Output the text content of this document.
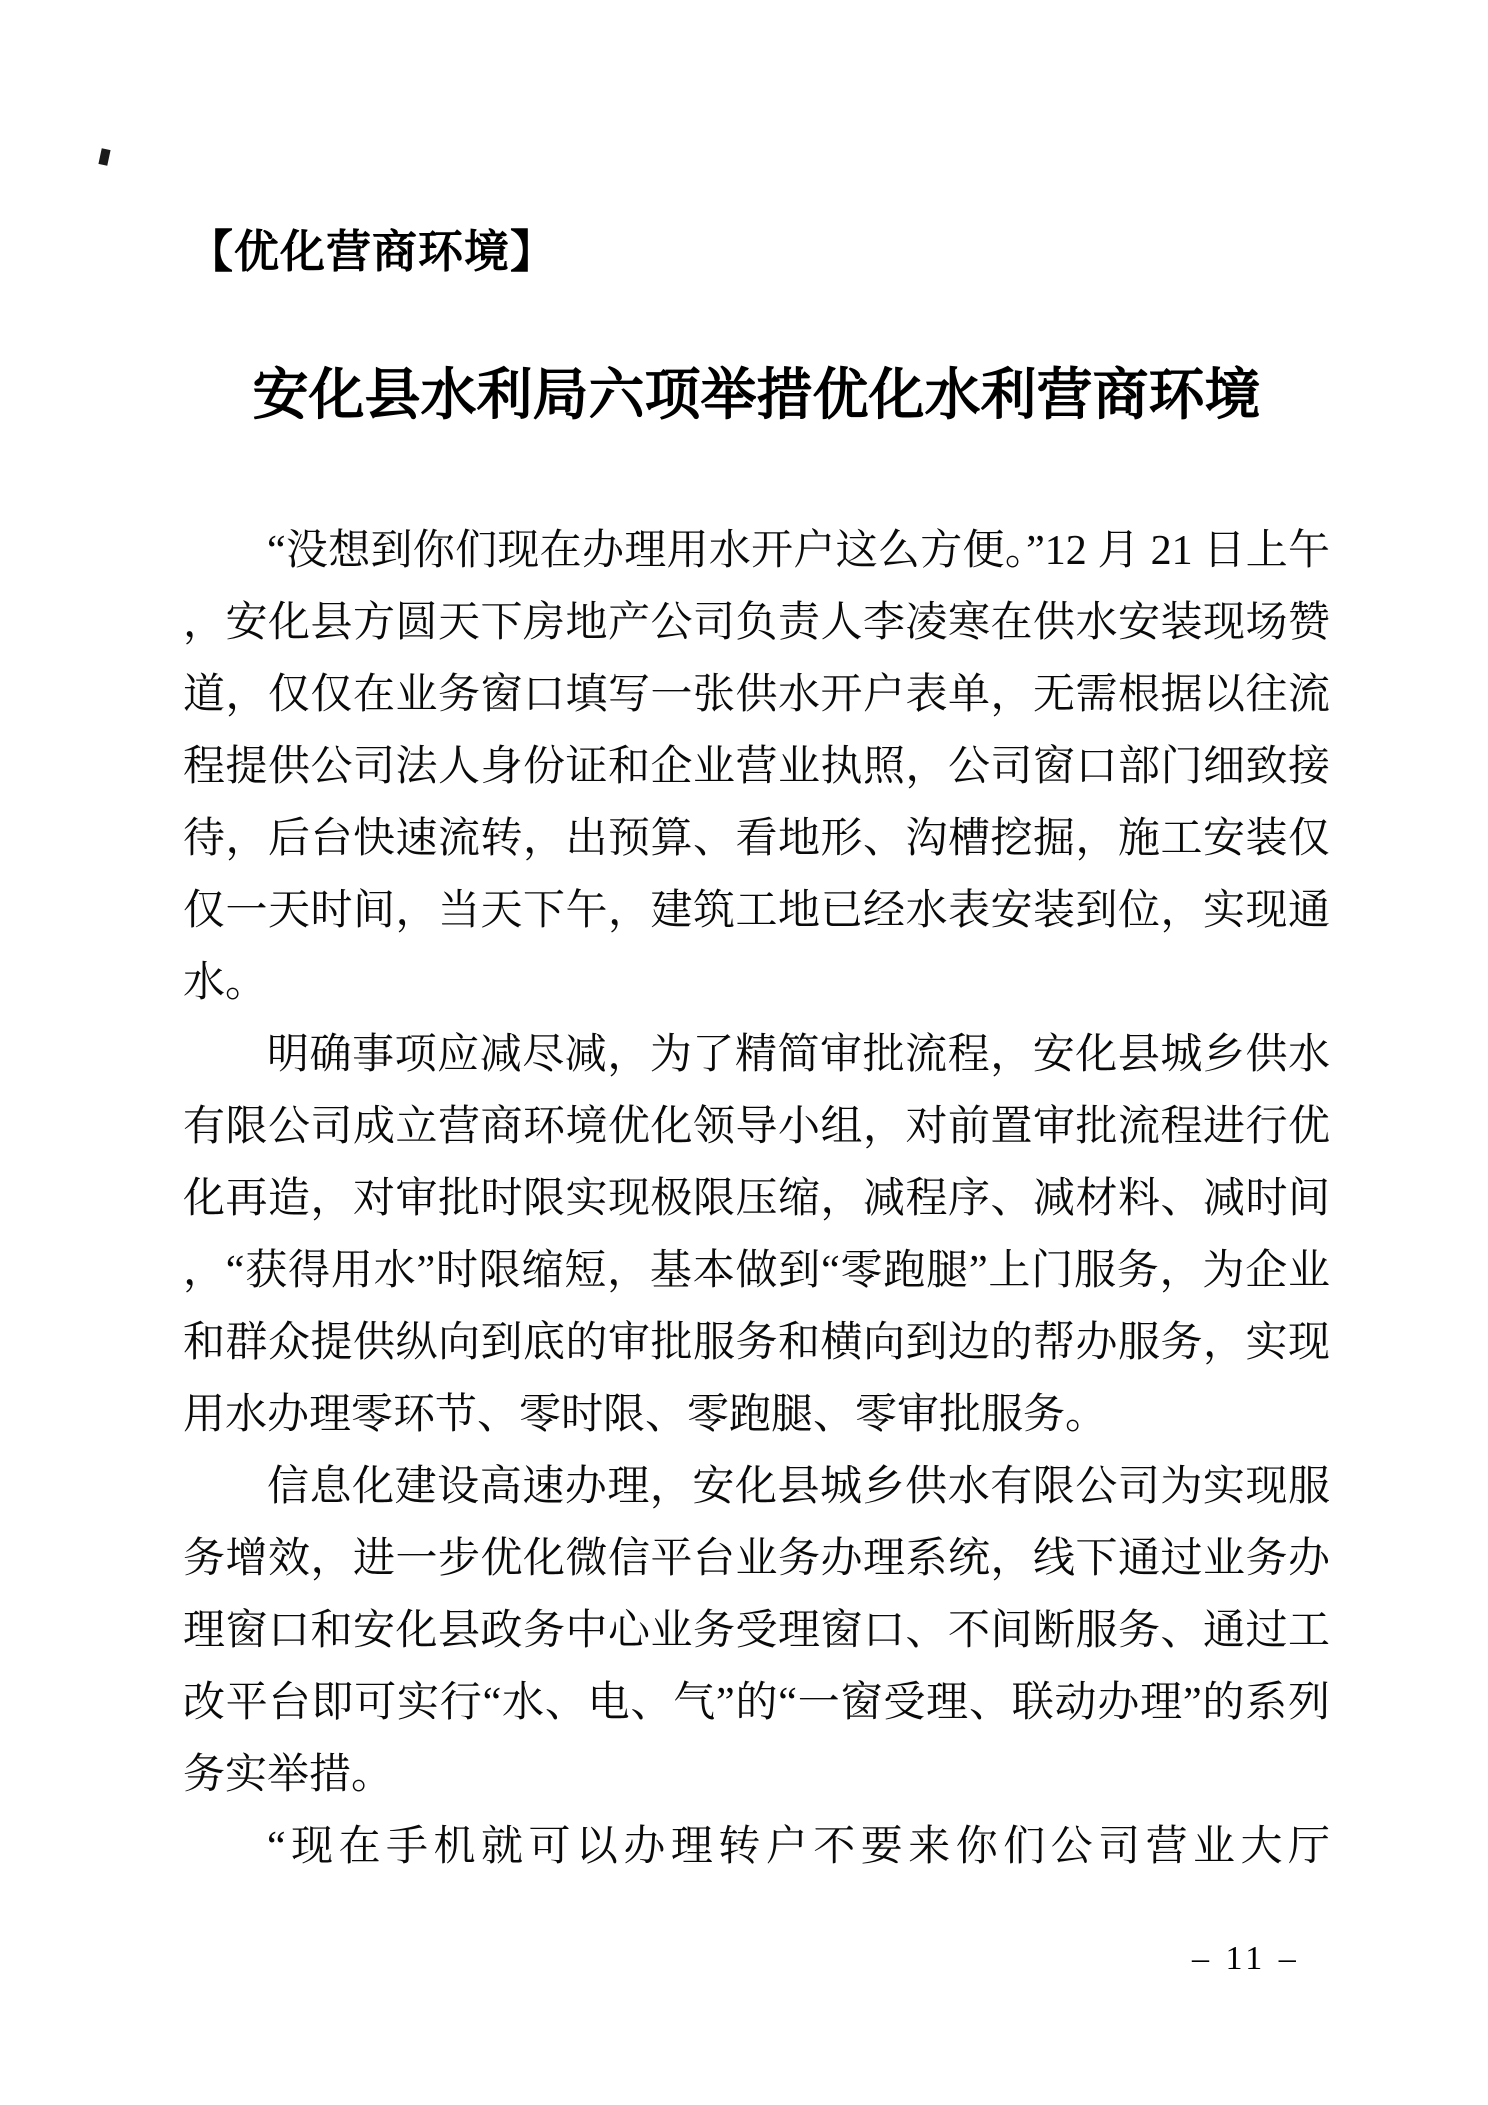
【优化营商环境】
安化县水利局六项举措优化水利营商环境

“没想到你们现在办理用水开户这么方便。”12 月 21 日上午，安化县方圆天下房地产公司负责人李凌寒在供水安装现场赞道，仅仅在业务窗口填写一张供水开户表单，无需根据以往流程提供公司法人身份证和企业营业执照，公司窗口部门细致接待，后台快速流转，出预算、看地形、沟槽挖掘，施工安装仅仅一天时间，当天下午，建筑工地已经水表安装到位，实现通水。

明确事项应减尽减，为了精简审批流程，安化县城乡供水有限公司成立营商环境优化领导小组，对前置审批流程进行优化再造，对审批时限实现极限压缩，减程序、减材料、减时间，“获得用水”时限缩短，基本做到“零跑腿”上门服务，为企业和群众提供纵向到底的审批服务和横向到边的帮办服务，实现用水办理零环节、零时限、零跑腿、零审批服务。

信息化建设高速办理，安化县城乡供水有限公司为实现服务增效，进一步优化微信平台业务办理系统，线下通过业务办理窗口和安化县政务中心业务受理窗口、不间断服务、通过工改平台即可实行“水、电、气”的“一窗受理、联动办理”的系列务实举措。

“现在手机就可以办理转户不要来你们公司营业大厅

– 11 –
